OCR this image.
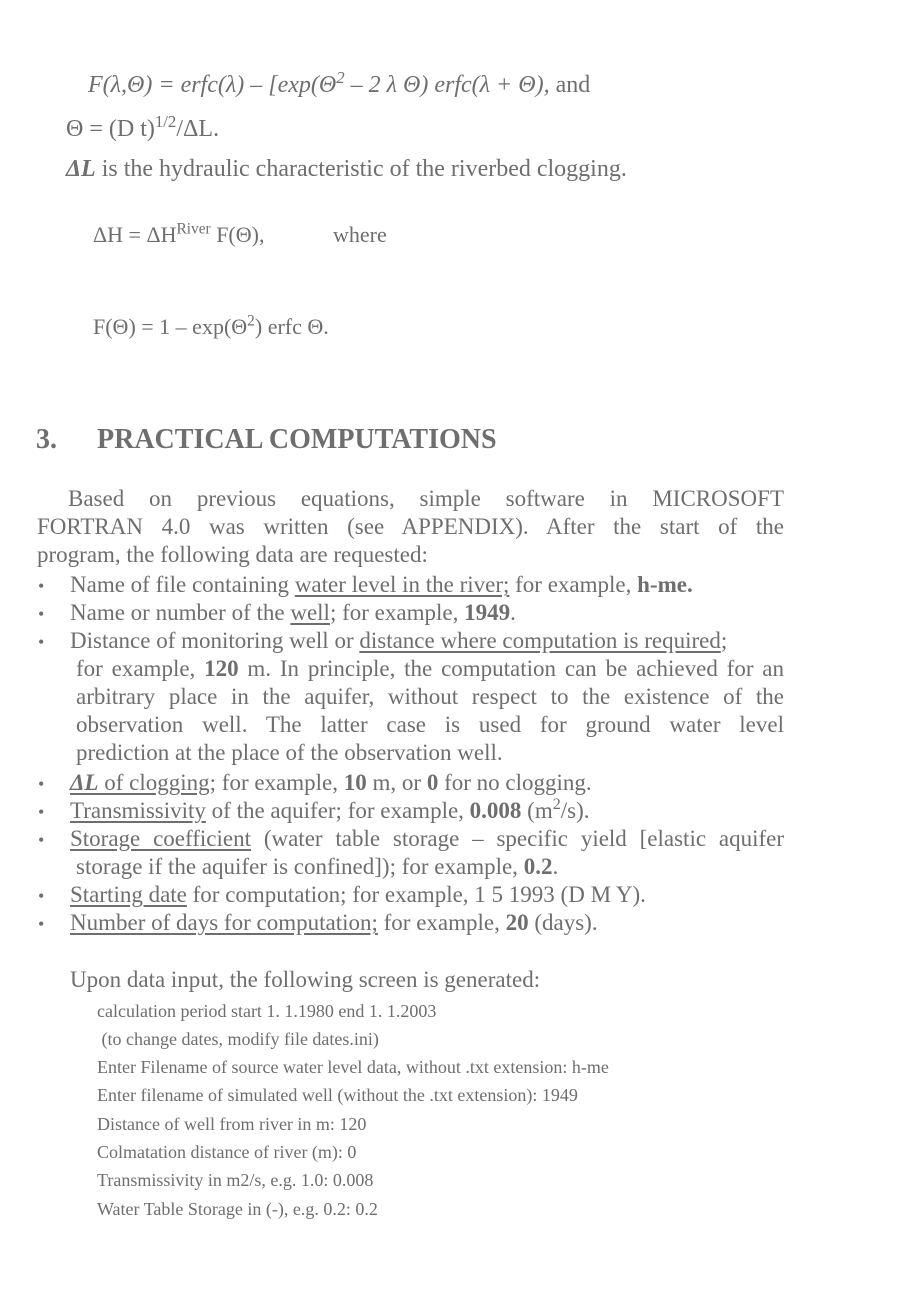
F(λ,Θ) = erfc(λ) – [$\exp(\Theta^2 - 2$ λ Θ) erfc(λ + Θ), and
Θ = (D t)$^{1/2}$/ΔL.
ΔL is the hydraulic characteristic of the riverbed clogging.
$\Delta H = \Delta H^{River}$ F(Θ),	where
$F(\Theta) = 1 - \exp(\Theta^2)$ erfc Θ.
3. PRACTICAL COMPUTATIONS
Based on previous equations, simple software in MICROSOFT
FORTRAN 4.0 was written (see APPENDIX). After the start of the
program, the following data are requested:
• Name of file containing water level in the river; for example, h-me.
• Name or number of the well; for example, 1949.
• Distance of monitoring well or distance where computation is required;
for example, 120 m. In principle, the computation can be achieved for an
arbitrary place in the aquifer, without respect to the existence of the
observation well. The latter case is used for ground water level
prediction at the place of the observation well.
• ΔL of clogging; for example, 10 m, or 0 for no clogging.
• Transmissivity of the aquifer; for example, 0.008 $(m^2/s)$.
• Storage coefficient (water table storage – specific yield [elastic aquifer
storage if the aquifer is confined]); for example, 0.2.
• Starting date for computation; for example, 1 5 1993 (D M Y).
• Number of days for computation; for example, 20 (days).
Upon data input, the following screen is generated:
calculation period start 1. 1.1980 end 1. 1.2003
(to change dates, modify file dates.ini)
Enter Filename of source water level data, without .txt extension: h-me
Enter filename of simulated well (without the .txt extension): 1949
Distance of well from river in m: 120
Colmatation distance of river (m): 0
Transmissivity in m2/s, e.g. 1.0: 0.008
Water Table Storage in (-), e.g. 0.2: 0.2
